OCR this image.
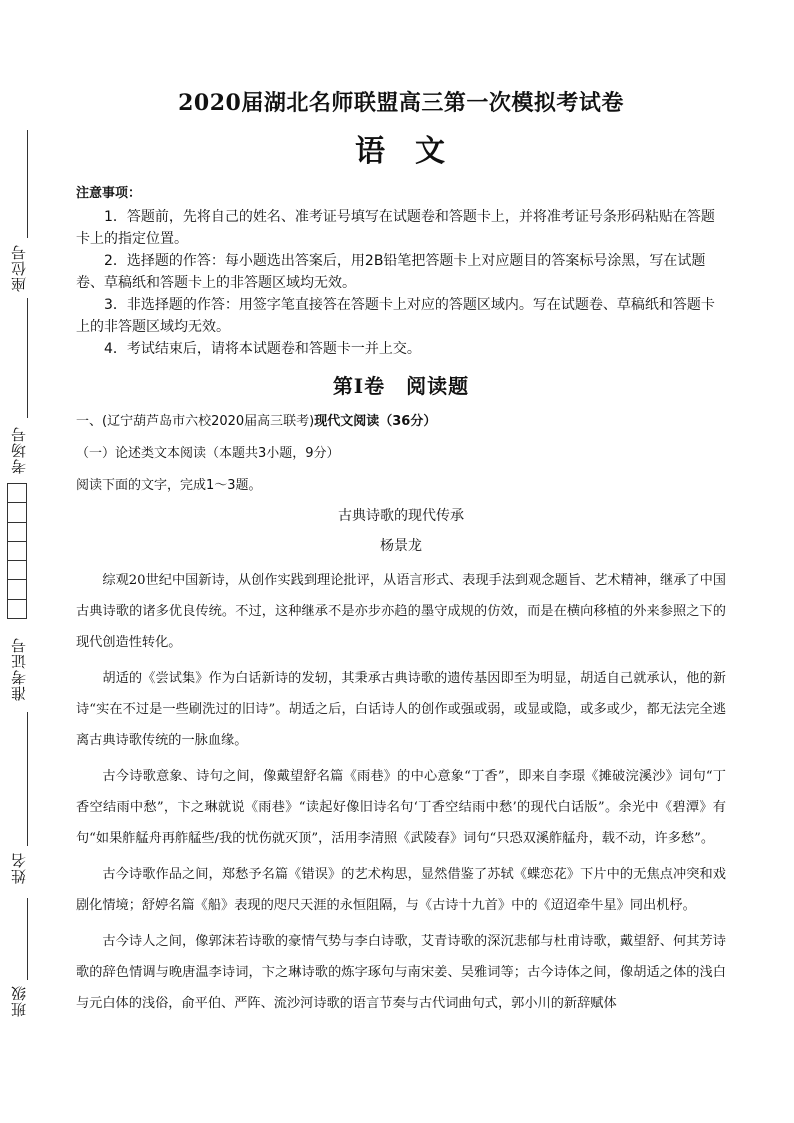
座位号
考场号
准考证号
姓名
班级
2020届湖北名师联盟高三第一次模拟考试卷
语文
注意事项：

1．答题前，先将自己的姓名、准考证号填写在试题卷和答题卡上，并将准考证号条形码粘贴在答题卡上的指定位置。

2．选择题的作答：每小题选出答案后，用2B铅笔把答题卡上对应题目的答案标号涂黑，写在试题卷、草稿纸和答题卡上的非答题区域均无效。

3．非选择题的作答：用签字笔直接答在答题卡上对应的答题区域内。写在试题卷、草稿纸和答题卡上的非答题区域均无效。

4．考试结束后，请将本试题卷和答题卡一并上交。

第Ⅰ卷　阅读题
一、(辽宁葫芦岛市六校2020届高三联考)现代文阅读（36分）
（一）论述类文本阅读（本题共3小题，9分）
阅读下面的文字，完成1～3题。
古典诗歌的现代传承
杨景龙

综观20世纪中国新诗，从创作实践到理论批评，从语言形式、表现手法到观念题旨、艺术精神，继承了中国古典诗歌的诸多优良传统。不过，这种继承不是亦步亦趋的墨守成规的仿效，而是在横向移植的外来参照之下的现代创造性转化。

胡适的《尝试集》作为白话新诗的发轫，其秉承古典诗歌的遗传基因即至为明显，胡适自己就承认，他的新诗“实在不过是一些刷洗过的旧诗”。胡适之后，白话诗人的创作或强或弱，或显或隐，或多或少，都无法完全逃离古典诗歌传统的一脉血缘。

古今诗歌意象、诗句之间，像戴望舒名篇《雨巷》的中心意象“丁香”，即来自李璟《摊破浣溪沙》词句“丁香空结雨中愁”，卞之琳就说《雨巷》“读起好像旧诗名句‘丁香空结雨中愁’的现代白话版”。余光中《碧潭》有句“如果舴艋舟再舴艋些/我的忧伤就灭顶”，活用李清照《武陵春》词句“只恐双溪舴艋舟，载不动，许多愁”。

古今诗歌作品之间，郑愁予名篇《错误》的艺术构思，显然借鉴了苏轼《蝶恋花》下片中的无焦点冲突和戏剧化情境；舒婷名篇《船》表现的咫尺天涯的永恒阻隔，与《古诗十九首》中的《迢迢牵牛星》同出机杼。

古今诗人之间，像郭沫若诗歌的豪情气势与李白诗歌，艾青诗歌的深沉悲郁与杜甫诗歌，戴望舒、何其芳诗歌的辞色情调与晚唐温李诗词，卞之琳诗歌的炼字琢句与南宋姜、吴雅词等；古今诗体之间，像胡适之体的浅白与元白体的浅俗，俞平伯、严阵、流沙河诗歌的语言节奏与古代词曲句式，郭小川的新辞赋体
